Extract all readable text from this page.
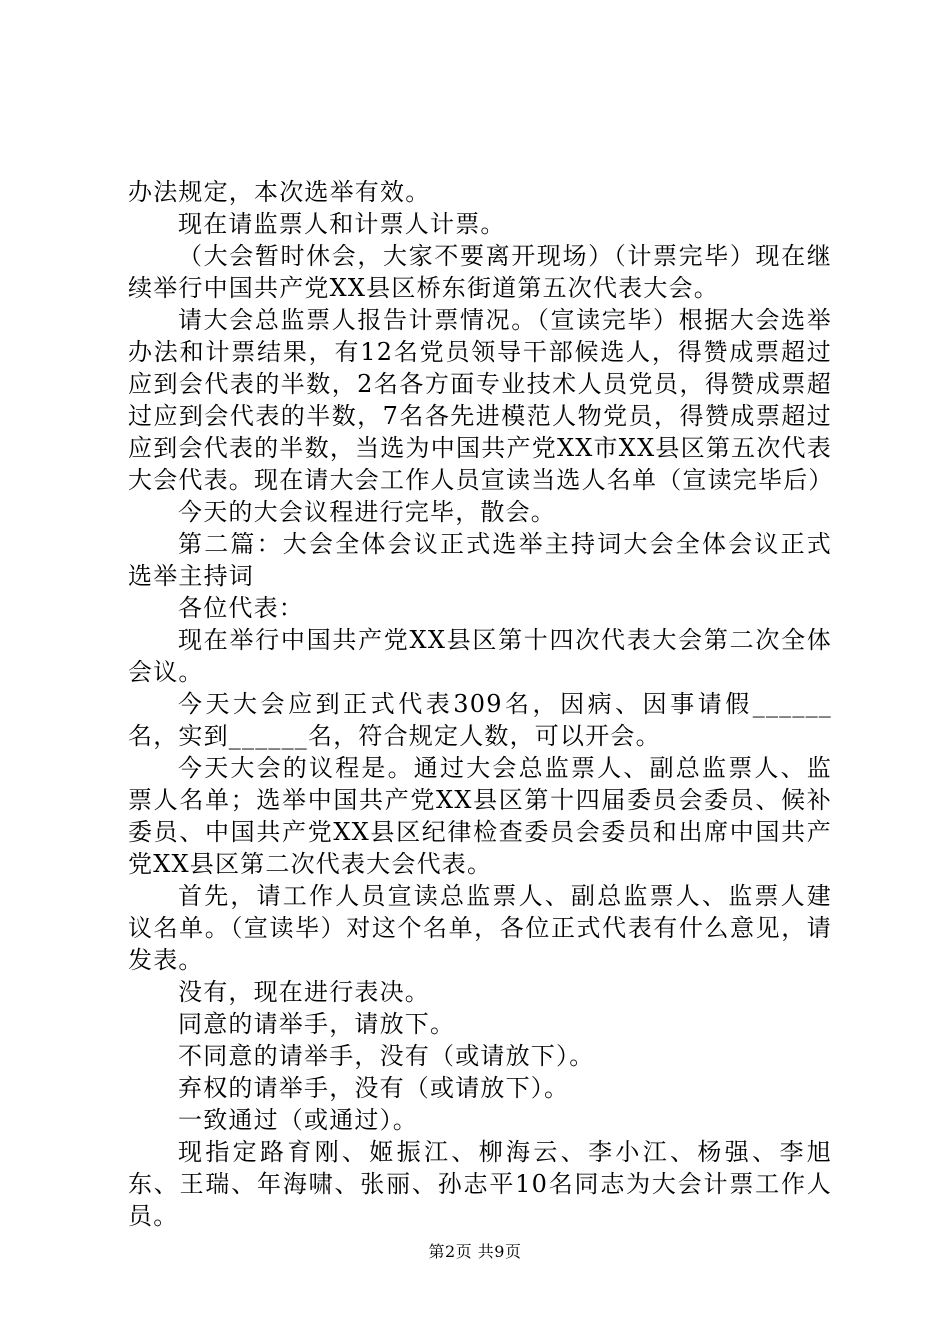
办法规定，本次选举有效。

现在请监票人和计票人计票。

（大会暂时休会，大家不要离开现场）（计票完毕）现在继续举行中国共产党XX县区桥东街道第五次代表大会。

请大会总监票人报告计票情况。（宣读完毕）根据大会选举办法和计票结果，有12名党员领导干部候选人，得赞成票超过应到会代表的半数，2名各方面专业技术人员党员，得赞成票超过应到会代表的半数，7名各先进模范人物党员，得赞成票超过应到会代表的半数，当选为中国共产党XX市XX县区第五次代表大会代表。现在请大会工作人员宣读当选人名单（宣读完毕后）

今天的大会议程进行完毕，散会。

第二篇：大会全体会议正式选举主持词大会全体会议正式选举主持词

各位代表：

现在举行中国共产党XX县区第十四次代表大会第二次全体会议。

今天大会应到正式代表309名，因病、因事请假______名，实到______名，符合规定人数，可以开会。

今天大会的议程是。通过大会总监票人、副总监票人、监票人名单；选举中国共产党XX县区第十四届委员会委员、候补委员、中国共产党XX县区纪律检查委员会委员和出席中国共产党XX县区第二次代表大会代表。

首先，请工作人员宣读总监票人、副总监票人、监票人建议名单。（宣读毕）对这个名单，各位正式代表有什么意见，请发表。

没有，现在进行表决。

同意的请举手，请放下。

不同意的请举手，没有（或请放下）。

弃权的请举手，没有（或请放下）。

一致通过（或通过）。

现指定路育刚、姬振江、柳海云、李小江、杨强、李旭东、王瑞、年海啸、张丽、孙志平10名同志为大会计票工作人员。

第2页 共9页
